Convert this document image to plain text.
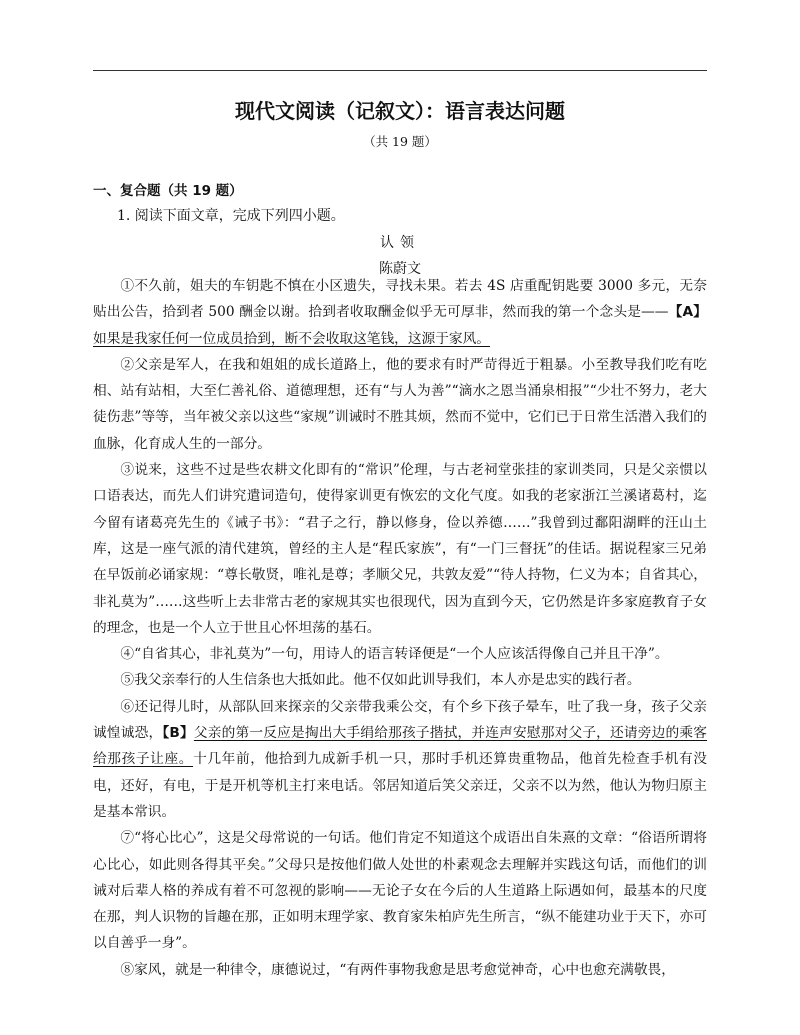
现代文阅读（记叙文）：语言表达问题
（共 19 题）
一、复合题（共 19 题）
1. 阅读下面文章，完成下列四小题。
认领
陈蔚文

①不久前，姐夫的车钥匙不慎在小区遗失，寻找未果。若去 4S 店重配钥匙要 3000 多元，无奈贴出公告，拾到者 500 酬金以谢。拾到者收取酬金似乎无可厚非，然而我的第一个念头是——【A】如果是我家任何一位成员拾到，断不会收取这笔钱，这源于家风。

②父亲是军人，在我和姐姐的成长道路上，他的要求有时严苛得近于粗暴。小至教导我们吃有吃相、站有站相，大至仁善礼俗、道德理想，还有“与人为善”“滴水之恩当涌泉相报”“少壮不努力，老大徒伤悲”等等，当年被父亲以这些“家规”训诫时不胜其烦，然而不觉中，它们已于日常生活潜入我们的血脉，化育成人生的一部分。

③说来，这些不过是些农耕文化即有的“常识”伦理，与古老祠堂张挂的家训类同，只是父亲惯以口语表达，而先人们讲究遣词造句，使得家训更有恢宏的文化气度。如我的老家浙江兰溪诸葛村，迄今留有诸葛亮先生的《诫子书》：“君子之行，静以修身，俭以养德……”我曾到过鄱阳湖畔的汪山土库，这是一座气派的清代建筑，曾经的主人是“程氏家族”，有“一门三督抚”的佳话。据说程家三兄弟在早饭前必诵家规：“尊长敬贤，唯礼是尊；孝顺父兄，共敦友爱”“待人持物，仁义为本；自省其心，非礼莫为”……这些听上去非常古老的家规其实也很现代，因为直到今天，它仍然是许多家庭教育子女的理念，也是一个人立于世且心怀坦荡的基石。

④“自省其心，非礼莫为”一句，用诗人的语言转译便是“一个人应该活得像自己并且干净”。

⑤我父亲奉行的人生信条也大抵如此。他不仅如此训导我们，本人亦是忠实的践行者。

⑥还记得儿时，从部队回来探亲的父亲带我乘公交，有个乡下孩子晕车，吐了我一身，孩子父亲诚惶诚恐，【B】父亲的第一反应是掏出大手绢给那孩子揩拭，并连声安慰那对父子，还请旁边的乘客给那孩子让座。十几年前，他拾到九成新手机一只，那时手机还算贵重物品，他首先检查手机有没电，还好，有电，于是开机等机主打来电话。邻居知道后笑父亲迂，父亲不以为然，他认为物归原主是基本常识。

⑦“将心比心”，这是父母常说的一句话。他们肯定不知道这个成语出自朱熹的文章：“俗语所谓将心比心，如此则各得其平矣。”父母只是按他们做人处世的朴素观念去理解并实践这句话，而他们的训诫对后辈人格的养成有着不可忽视的影响——无论子女在今后的人生道路上际遇如何，最基本的尺度在那，判人识物的旨趣在那，正如明末理学家、教育家朱柏庐先生所言，“纵不能建功业于天下，亦可以自善乎一身”。

⑧家风，就是一种律令，康德说过，“有两件事物我愈是思考愈觉神奇，心中也愈充满敬畏，
